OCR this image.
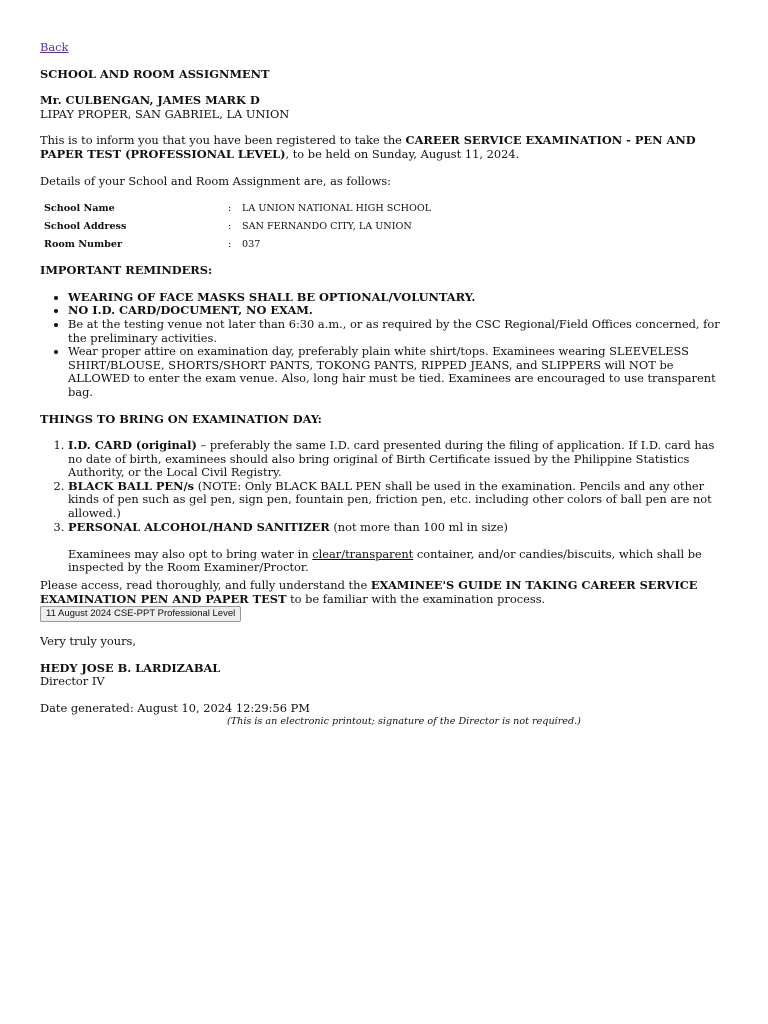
Back

SCHOOL AND ROOM ASSIGNMENT

Mr. CULBENGAN, JAMES MARK D
LIPAY PROPER, SAN GABRIEL, LA UNION

This is to inform you that you have been registered to take the CAREER SERVICE EXAMINATION - PEN AND PAPER TEST (PROFESSIONAL LEVEL), to be held on Sunday, August 11, 2024.

Details of your School and Room Assignment are, as follows:

School Name	:	LA UNION NATIONAL HIGH SCHOOL
School Address	:	SAN FERNANDO CITY, LA UNION
Room Number	:	037

IMPORTANT REMINDERS:

• WEARING OF FACE MASKS SHALL BE OPTIONAL/VOLUNTARY.
• NO I.D. CARD/DOCUMENT, NO EXAM.
• Be at the testing venue not later than 6:30 a.m., or as required by the CSC Regional/Field Offices concerned, for the preliminary activities.
• Wear proper attire on examination day, preferably plain white shirt/tops. Examinees wearing SLEEVELESS SHIRT/BLOUSE, SHORTS/SHORT PANTS, TOKONG PANTS, RIPPED JEANS, and SLIPPERS will NOT be ALLOWED to enter the exam venue. Also, long hair must be tied. Examinees are encouraged to use transparent bag.

THINGS TO BRING ON EXAMINATION DAY:

1. I.D. CARD (original) – preferably the same I.D. card presented during the filing of application. If I.D. card has no date of birth, examinees should also bring original of Birth Certificate issued by the Philippine Statistics Authority, or the Local Civil Registry.
2. BLACK BALL PEN/s (NOTE: Only BLACK BALL PEN shall be used in the examination. Pencils and any other kinds of pen such as gel pen, sign pen, fountain pen, friction pen, etc. including other colors of ball pen are not allowed.)
3. PERSONAL ALCOHOL/HAND SANITIZER (not more than 100 ml in size)

Examinees may also opt to bring water in clear/transparent container, and/or candies/biscuits, which shall be inspected by the Room Examiner/Proctor.

Please access, read thoroughly, and fully understand the EXAMINEE'S GUIDE IN TAKING CAREER SERVICE EXAMINATION PEN AND PAPER TEST to be familiar with the examination process.
11 August 2024 CSE-PPT Professional Level

Very truly yours,

HEDY JOSE B. LARDIZABAL
Director IV

Date generated: August 10, 2024 12:29:56 PM
(This is an electronic printout; signature of the Director is not required.)
